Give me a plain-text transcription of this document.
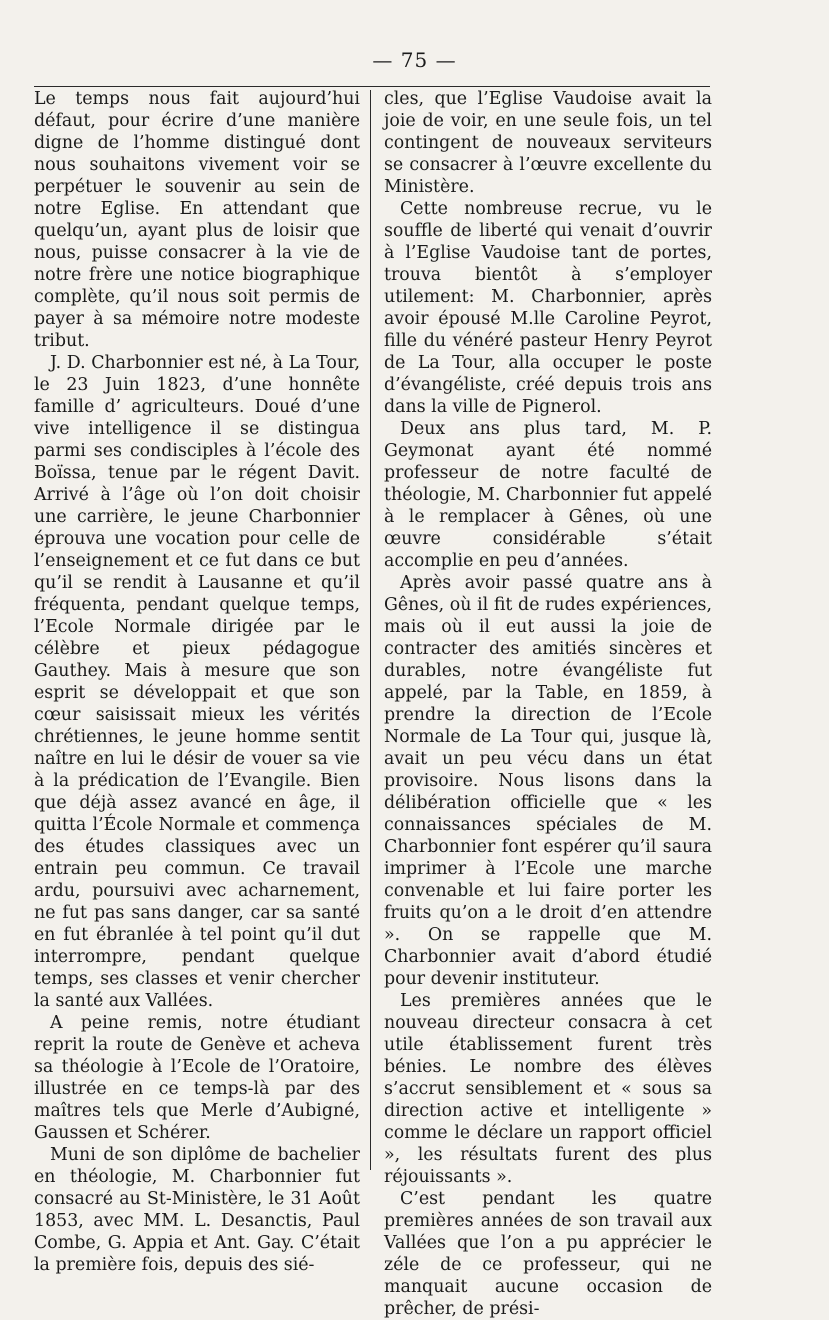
— 75 —

Le temps nous fait aujourd’hui défaut, pour écrire d’une manière digne de l’homme distingué dont nous souhaitons vivement voir se perpétuer le souvenir au sein de notre Eglise. En attendant que quelqu’un, ayant plus de loisir que nous, puisse consacrer à la vie de notre frère une notice biographique complète, qu’il nous soit permis de payer à sa mémoire notre modeste tribut.

J. D. Charbonnier est né, à La Tour, le 23 Juin 1823, d’une honnête famille d’ agriculteurs. Doué d’une vive intelligence il se distingua parmi ses condisciples à l’école des Boïssa, tenue par le régent Davit. Arrivé à l’âge où l’on doit choisir une carrière, le jeune Charbonnier éprouva une vocation pour celle de l’enseignement et ce fut dans ce but qu’il se rendit à Lausanne et qu’il fréquenta, pendant quelque temps, l’Ecole Normale dirigée par le célèbre et pieux pédagogue Gauthey. Mais à mesure que son esprit se développait et que son cœur saisissait mieux les vérités chrétiennes, le jeune homme sentit naître en lui le désir de vouer sa vie à la prédication de l’Evangile. Bien que déjà assez avancé en âge, il quitta l’École Normale et commença des études classiques avec un entrain peu commun. Ce travail ardu, poursuivi avec acharnement, ne fut pas sans danger, car sa santé en fut ébranlée à tel point qu’il dut interrompre, pendant quelque temps, ses classes et venir chercher la santé aux Vallées.

A peine remis, notre étudiant reprit la route de Genève et acheva sa théologie à l’Ecole de l’Oratoire, illustrée en ce temps-là par des maîtres tels que Merle d’Aubigné, Gaussen et Schérer.

Muni de son diplôme de bachelier en théologie, M. Charbonnier fut consacré au St-Ministère, le 31 Août 1853, avec MM. L. Desanctis, Paul Combe, G. Appia et Ant. Gay. C’était la première fois, depuis des sié-

cles, que l’Eglise Vaudoise avait la joie de voir, en une seule fois, un tel contingent de nouveaux serviteurs se consacrer à l’œuvre excellente du Ministère.

Cette nombreuse recrue, vu le souffle de liberté qui venait d’ouvrir à l’Eglise Vaudoise tant de portes, trouva bientôt à s’employer utilement: M. Charbonnier, après avoir épousé M.lle Caroline Peyrot, fille du vénéré pasteur Henry Peyrot de La Tour, alla occuper le poste d’évangéliste, créé depuis trois ans dans la ville de Pignerol.

Deux ans plus tard, M. P. Geymonat ayant été nommé professeur de notre faculté de théologie, M. Charbonnier fut appelé à le remplacer à Gênes, où une œuvre considérable s’était accomplie en peu d’années.

Après avoir passé quatre ans à Gênes, où il fit de rudes expériences, mais où il eut aussi la joie de contracter des amitiés sincères et durables, notre évangéliste fut appelé, par la Table, en 1859, à prendre la direction de l’Ecole Normale de La Tour qui, jusque là, avait un peu vécu dans un état provisoire. Nous lisons dans la délibération officielle que « les connaissances spéciales de M. Charbonnier font espérer qu’il saura imprimer à l’Ecole une marche convenable et lui faire porter les fruits qu’on a le droit d’en attendre ». On se rappelle que M. Charbonnier avait d’abord étudié pour devenir instituteur.

Les premières années que le nouveau directeur consacra à cet utile établissement furent très bénies. Le nombre des élèves s’accrut sensiblement et « sous sa direction active et intelligente » comme le déclare un rapport officiel », les résultats furent des plus réjouissants ».

C’est pendant les quatre premières années de son travail aux Vallées que l’on a pu apprécier le zéle de ce professeur, qui ne manquait aucune occasion de prêcher, de prési-
